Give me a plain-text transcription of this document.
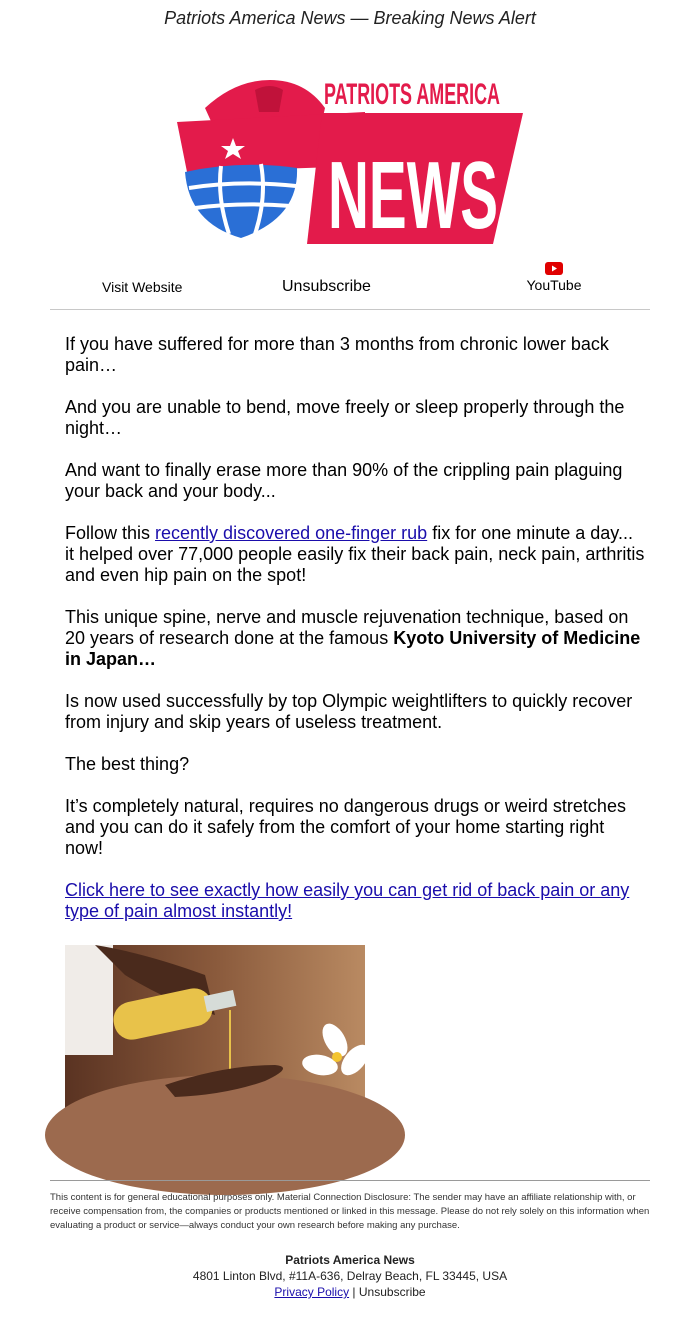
Patriots America News — Breaking News Alert
PATRIOTS AMERICA
NEWS
Visit Website	Unsubscribe	YouTube

If you have suffered for more than 3 months from chronic lower back pain…

And you are unable to bend, move freely or sleep properly through the night…

And want to finally erase more than 90% of the crippling pain plaguing your back and your body...

Follow this recently discovered one-finger rub fix for one minute a day... it helped over 77,000 people easily fix their back pain, neck pain, arthritis and even hip pain on the spot!

This unique spine, nerve and muscle rejuvenation technique, based on 20 years of research done at the famous Kyoto University of Medicine in Japan…

Is now used successfully by top Olympic weightlifters to quickly recover from injury and skip years of useless treatment.

The best thing?

It’s completely natural, requires no dangerous drugs or weird stretches and you can do it safely from the comfort of your home starting right now!

Click here to see exactly how easily you can get rid of back pain or any type of pain almost instantly!

This content is for general educational purposes only. Material Connection Disclosure: The sender may have an affiliate relationship with, or receive compensation from, the companies or products mentioned or linked in this message. Please do not rely solely on this information when evaluating a product or service—always conduct your own research before making any purchase.
Patriots America News
4801 Linton Blvd, #11A-636, Delray Beach, FL 33445, USA
Privacy Policy | Unsubscribe
